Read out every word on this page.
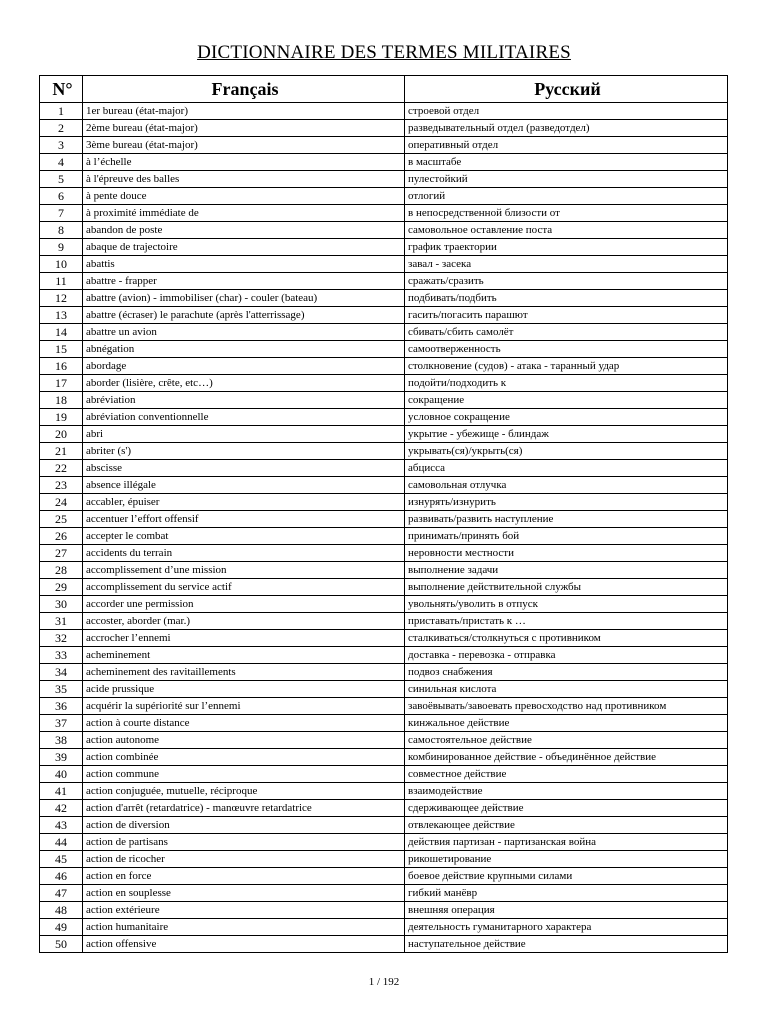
DICTIONNAIRE DES TERMES MILITAIRES
N°	Français	Русский
1	1er bureau (état-major)	строевой отдел
2	2ème bureau (état-major)	разведывательный отдел (разведотдел)
3	3ème bureau (état-major)	оперативный отдел
4	à l’échelle	в масштабе
5	à l'épreuve des balles	пулестойкий
6	à pente douce	отлогий
7	à proximité immédiate de	в непосредственной близости от
8	abandon de poste	самовольное оставление поста
9	abaque de trajectoire	график траектории
10	abattis	завал - засека
11	abattre - frapper	сражать/сразить
12	abattre (avion) - immobiliser (char) - couler (bateau)	подбивать/подбить
13	abattre (écraser) le parachute (après l'atterrissage)	гасить/погасить парашют
14	abattre un avion	сбивать/сбить самолёт
15	abnégation	самоотверженность
16	abordage	столкновение (судов) - атака - таранный удар
17	aborder (lisière, crête, etc…)	подойти/подходить к
18	abréviation	сокращение
19	abréviation conventionnelle	условное сокращение
20	abri	укрытие - убежище - блиндаж
21	abriter (s')	укрывать(ся)/укрыть(ся)
22	abscisse	абцисса
23	absence illégale	самовольная отлучка
24	accabler, épuiser	изнурять/изнурить
25	accentuer l’effort offensif	развивать/развить наступление
26	accepter le combat	принимать/принять бой
27	accidents du terrain	неровности местности
28	accomplissement d’une mission	выполнение задачи
29	accomplissement du service actif	выполнение действительной службы
30	accorder une permission	увольнять/уволить в отпуск
31	accoster, aborder (mar.)	приставать/пристать к …
32	accrocher l’ennemi	сталкиваться/столкнуться с противником
33	acheminement	доставка - перевозка - отправка
34	acheminement des ravitaillements	подвоз снабжения
35	acide prussique	синильная кислота
36	acquérir la supériorité sur l’ennemi	завоёвывать/завоевать превосходство над противником
37	action à courte distance	кинжальное действие
38	action autonome	самостоятельное действие
39	action combinée	комбинированное действие - объединённое действие
40	action commune	совместное действие
41	action conjuguée, mutuelle, réciproque	взаимодействие
42	action d'arrêt (retardatrice) - manœuvre retardatrice	сдерживающее действие
43	action de diversion	отвлекающее действие
44	action de partisans	действия партизан - партизанская война
45	action de ricocher	рикошетирование
46	action en force	боевое действие крупными силами
47	action en souplesse	гибкий манёвр
48	action extérieure	внешняя операция
49	action humanitaire	деятельность гуманитарного характера
50	action offensive	наступательное действие
1 / 192
